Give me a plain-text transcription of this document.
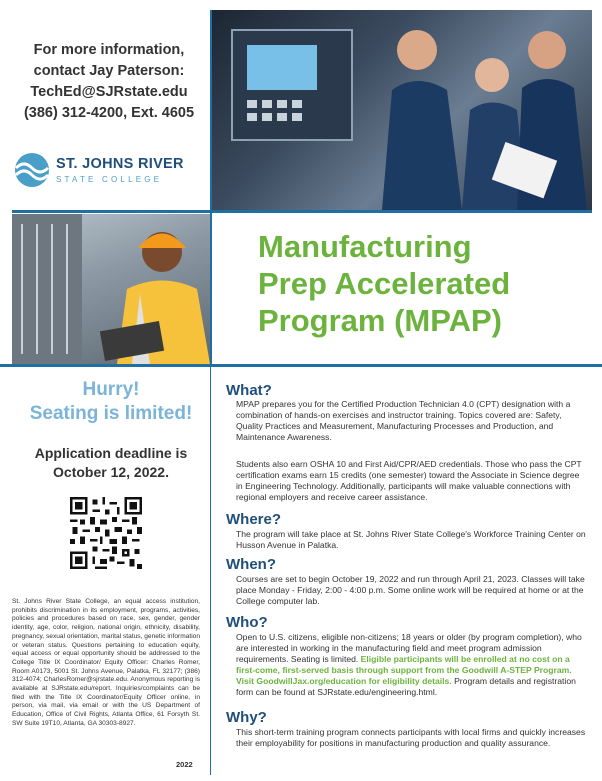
For more information,
contact Jay Paterson:
TechEd@SJRstate.edu
(386) 312-4200, Ext. 4605
ST. JOHNS RIVER
STATE COLLEGE
Manufacturing
Prep Accelerated
Program (MPAP)
Hurry!
Seating is limited!
Application deadline is
October 12, 2022.
St. Johns River State College, an equal access institution, prohibits discrimination in its employment, programs, activities, policies and procedures based on race, sex, gender, gender identity, age, color, religion, national origin, ethnicity, disability, pregnancy, sexual orientation, marital status, genetic information or veteran status. Questions pertaining to education equity, equal access or equal opportunity should be addressed to the College Title IX Coordinator/ Equity Officer: Charles Romer, Room A0173, 5001 St. Johns Avenue, Palatka, FL 32177; (386) 312-4074; CharlesRomer@sjrstate.edu. Anonymous reporting is available at SJRstate.edu/report. Inquiries/complaints can be filed with the Title IX Coordinator/Equity Officer online, in person, via mail, via email or with the US Department of Education, Office of Civil Rights, Atlanta Office, 61 Forsyth St. SW Suite 19T10, Atlanta, GA 30303-8927.
2022
What?
MPAP prepares you for the Certified Production Technician 4.0 (CPT) designation with a combination of hands-on exercises and instructor training. Topics covered are: Safety, Quality Practices and Measurement, Manufacturing Processes and Production, and Maintenance Awareness.
Students also earn OSHA 10 and First Aid/CPR/AED credentials. Those who pass the CPT certification exams earn 15 credits (one semester) toward the Associate in Science degree in Engineering Technology. Additionally, participants will make valuable connections with regional employers and receive career assistance.
Where?
The program will take place at St. Johns River State College's Workforce Training Center on Husson Avenue in Palatka.
When?
Courses are set to begin October 19, 2022 and run through April 21, 2023. Classes will take place Monday - Friday, 2:00 - 4:00 p.m. Some online work will be required at home or at the College computer lab.
Who?
Open to U.S. citizens, eligible non-citizens; 18 years or older (by program completion), who are interested in working in the manufacturing field and meet program admission requirements. Seating is limited. Eligible participants will be enrolled at no cost on a first-come, first-served basis through support from the Goodwill A-STEP Program. Visit GoodwillJax.org/education for eligibility details. Program details and registration form can be found at SJRstate.edu/engineering.html.
Why?
This short-term training program connects participants with local firms and quickly increases their employability for positions in manufacturing production and quality assurance.
